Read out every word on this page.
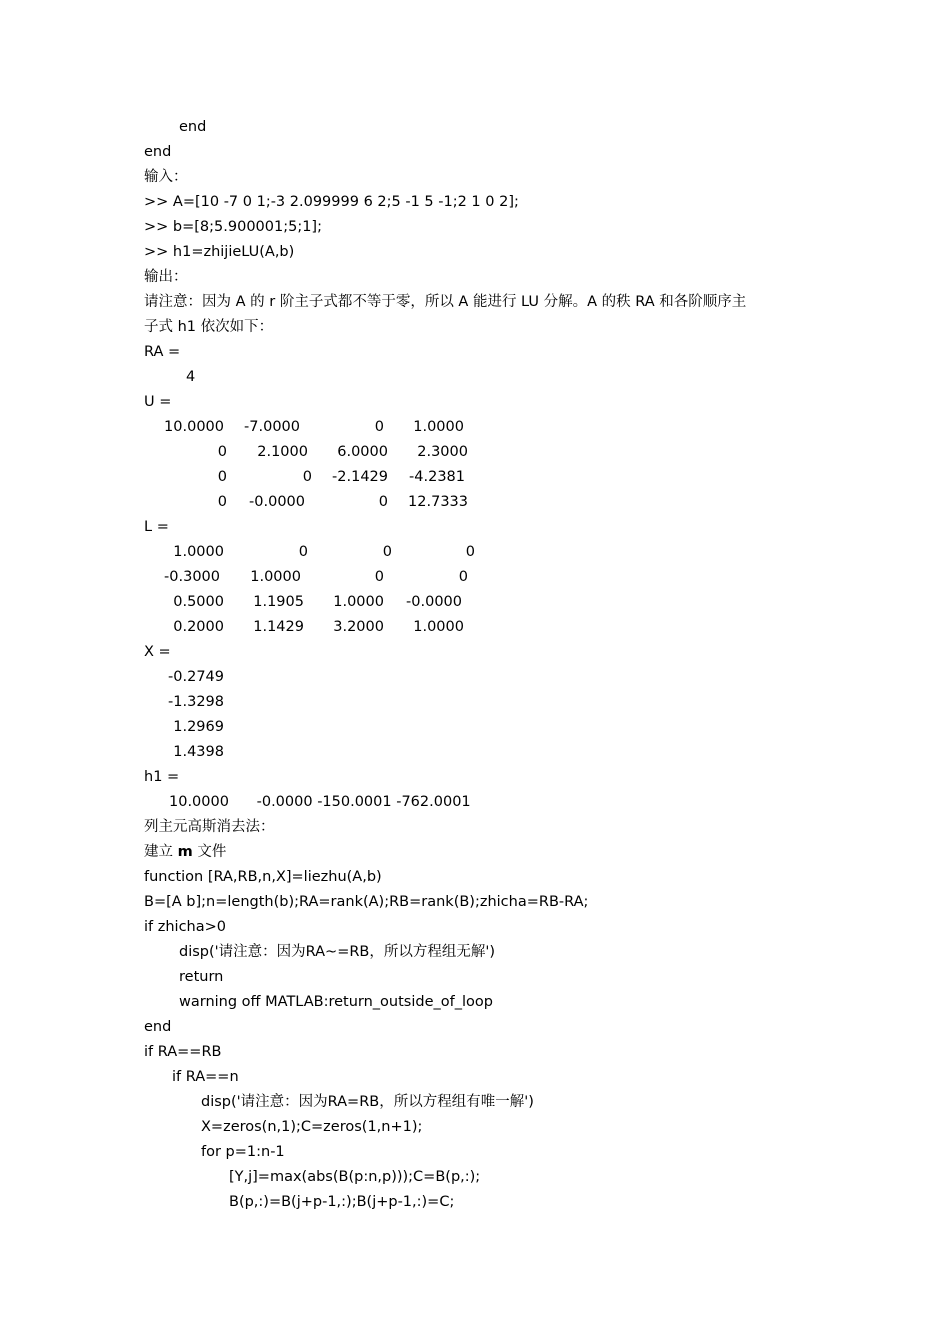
end
end
输入：
>> A=[10 -7 0 1;-3 2.099999 6 2;5 -1 5 -1;2 1 0 2];
>> b=[8;5.900001;5;1];
>> h1=zhijieLU(A,b)
输出：
请注意：因为 A 的 r 阶主子式都不等于零，所以 A 能进行 LU 分解。A 的秩 RA 和各阶顺序主
子式 h1 依次如下：
RA =
4
U =
10.0000 -7.0000	0 1.0000
0 2.1000 6.0000 2.3000
0	0 -2.1429 -4.2381
0 -0.0000	0 12.7333
L =
1.0000	0	0	0
-0.3000 1.0000	0	0
0.5000 1.1905 1.0000 -0.0000
0.2000 1.1429 3.2000 1.0000
X =
-0.2749
-1.3298
1.2969
1.4398
h1 =
10.0000      -0.0000 -150.0001 -762.0001
列主元高斯消去法：
建立 m 文件
function [RA,RB,n,X]=liezhu(A,b)
B=[A b];n=length(b);RA=rank(A);RB=rank(B);zhicha=RB-RA;
if zhicha>0
disp('请注意：因为RA~=RB，所以方程组无解')
return
warning off MATLAB:return_outside_of_loop
end
if RA==RB
if RA==n
disp('请注意：因为RA=RB，所以方程组有唯一解')
X=zeros(n,1);C=zeros(1,n+1);
for p=1:n-1
[Y,j]=max(abs(B(p:n,p)));C=B(p,:);
B(p,:)=B(j+p-1,:);B(j+p-1,:)=C;
